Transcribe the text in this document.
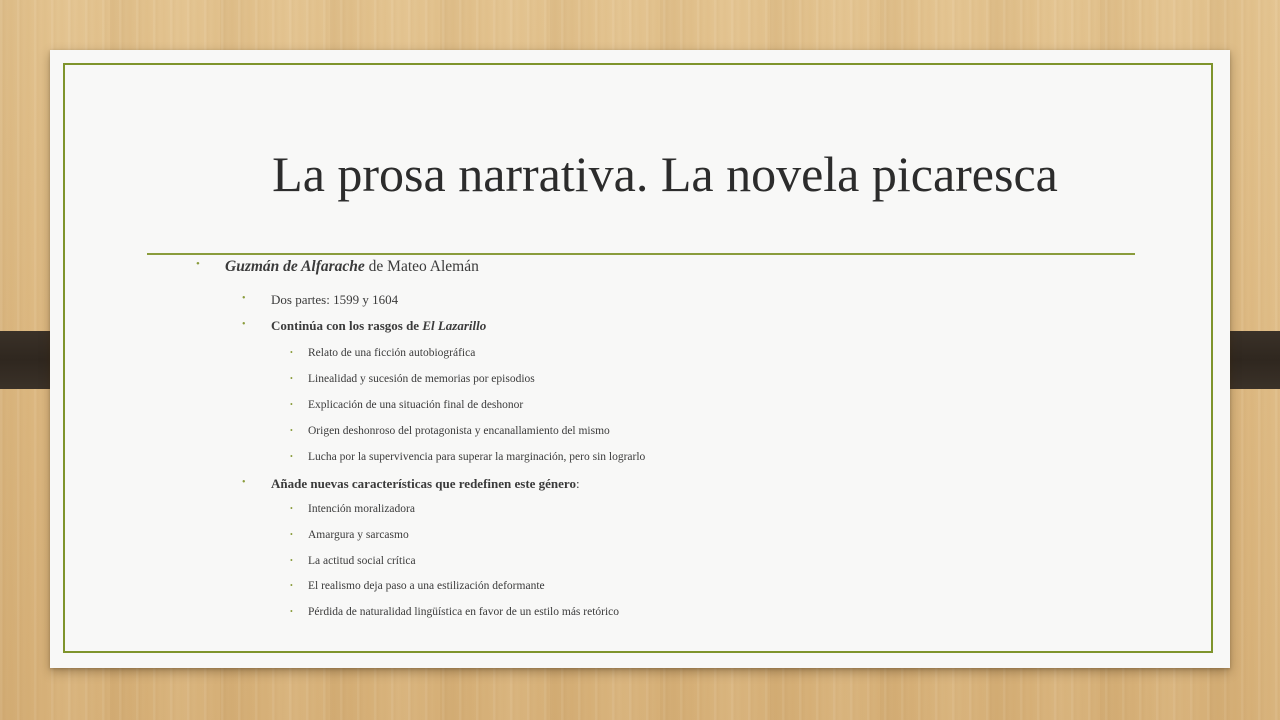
La prosa narrativa. La novela picaresca
• Guzmán de Alfarache de Mateo Alemán
• Dos partes: 1599 y 1604
• Continúa con los rasgos de El Lazarillo
• Relato de una ficción autobiográfica
• Linealidad y sucesión de memorias por episodios
• Explicación de una situación final de deshonor
• Origen deshonroso del protagonista y encanallamiento del mismo
• Lucha por la supervivencia para superar la marginación, pero sin lograrlo
• Añade nuevas características que redefinen este género:
• Intención moralizadora
• Amargura y sarcasmo
• La actitud social crítica
• El realismo deja paso a una estilización deformante
• Pérdida de naturalidad lingüística en favor de un estilo más retórico
